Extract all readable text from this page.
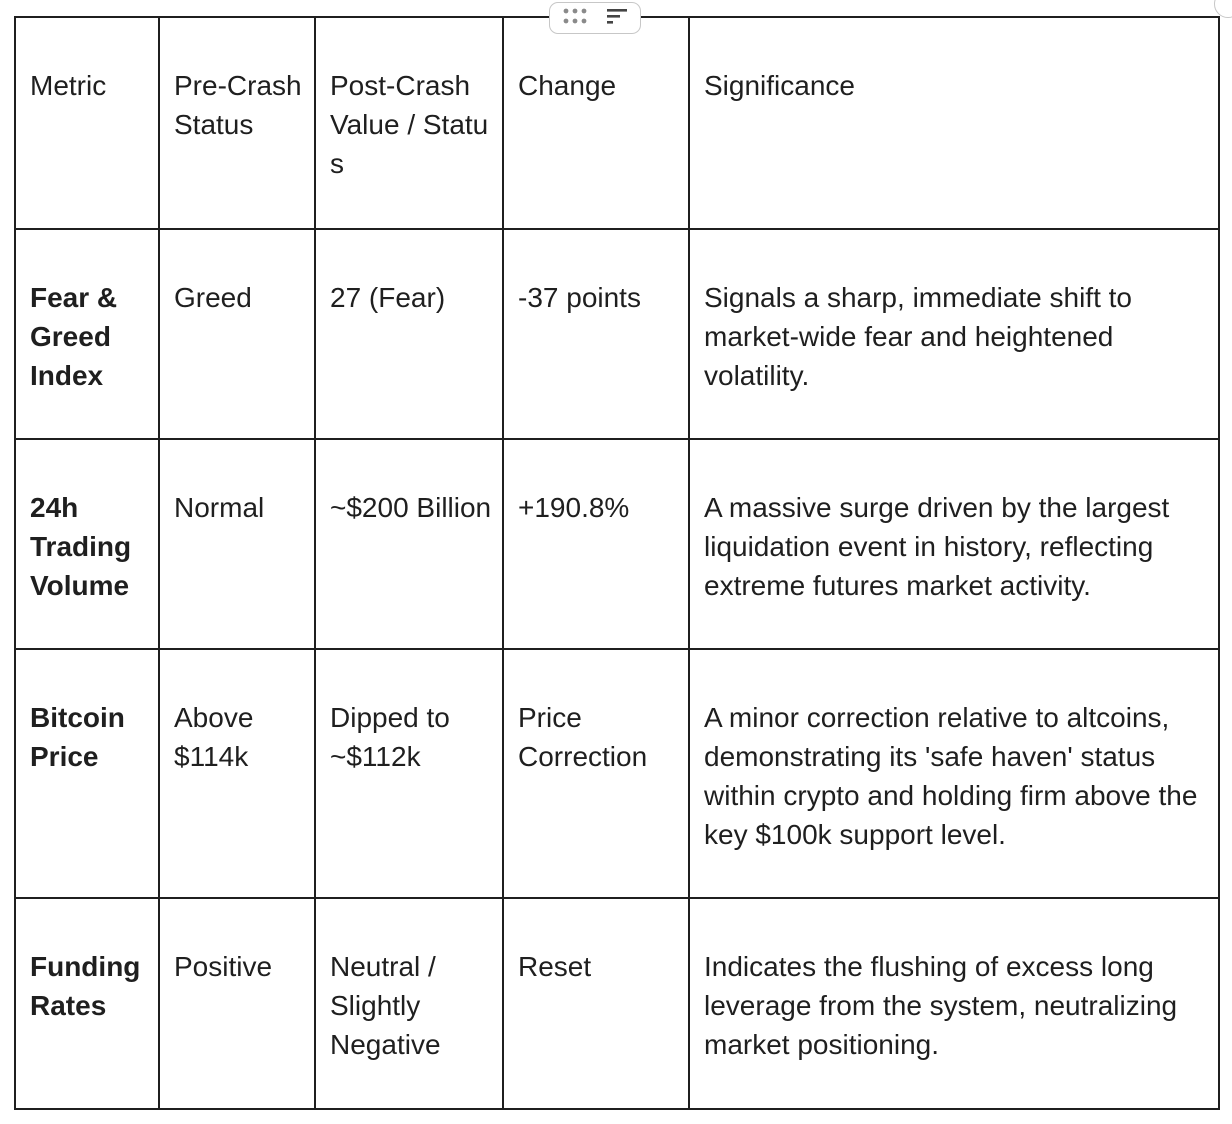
Metric	Pre-Crash Status	Post-Crash Value / Status	Change	Significance
Fear & Greed Index	Greed	27 (Fear)	-37 points	Signals a sharp, immediate shift to market-wide fear and heightened volatility.
24h Trading Volume	Normal	~$200 Billion	+190.8%	A massive surge driven by the largest liquidation event in history, reflecting extreme futures market activity.
Bitcoin Price	Above $114k	Dipped to ~$112k	Price Correction	A minor correction relative to altcoins, demonstrating its 'safe haven' status within crypto and holding firm above the key $100k support level.
Funding Rates	Positive	Neutral / Slightly Negative	Reset	Indicates the flushing of excess long leverage from the system, neutralizing market positioning.
